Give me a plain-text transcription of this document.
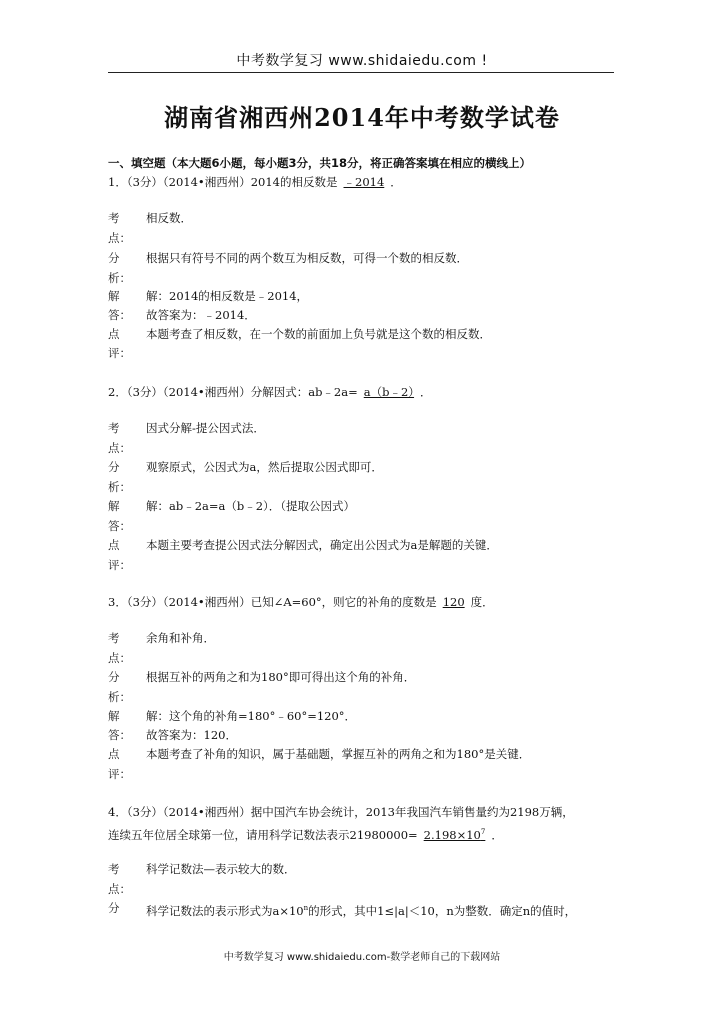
中考数学复习 www.shidaiedu.com !
湖南省湘西州2014年中考数学试卷
一、填空题（本大题6小题，每小题3分，共18分，将正确答案填在相应的横线上）
1．（3分）（2014•湘西州）2014的相反数是 ﹣2014 ．
考
点：
相反数．
分
析：
根据只有符号不同的两个数互为相反数，可得一个数的相反数．
解
答：
解：2014的相反数是﹣2014，
故答案为：﹣2014．
点
评：
本题考查了相反数，在一个数的前面加上负号就是这个数的相反数．
2．（3分）（2014•湘西州）分解因式：ab﹣2a= a（b﹣2） ．
考
点：
因式分解-提公因式法．
分
析：
观察原式，公因式为a，然后提取公因式即可．
解
答：
解：ab﹣2a=a（b﹣2）．（提取公因式）
点
评：
本题主要考查提公因式法分解因式，确定出公因式为a是解题的关键．
3．（3分）（2014•湘西州）已知∠A=60°，则它的补角的度数是 120 度．
考
点：
余角和补角．
分
析：
根据互补的两角之和为180°即可得出这个角的补角．
解
答：
解：这个角的补角=180°﹣60°=120°．
故答案为：120．
点
评：
本题考查了补角的知识，属于基础题，掌握互补的两角之和为180°是关键．
4．（3分）（2014•湘西州）据中国汽车协会统计，2013年我国汽车销售量约为2198万辆，
连续五年位居全球第一位，请用科学记数法表示$21980000= 2.198\times 10^7$ ．
考
点：
科学记数法—表示较大的数．
分 科学记数法的表示形式为$a\times 10^n$的形式，其中1≤|a|＜10，n为整数．确定n的值时，
中考数学复习 www.shidaiedu.com-数学老师自己的下载网站
